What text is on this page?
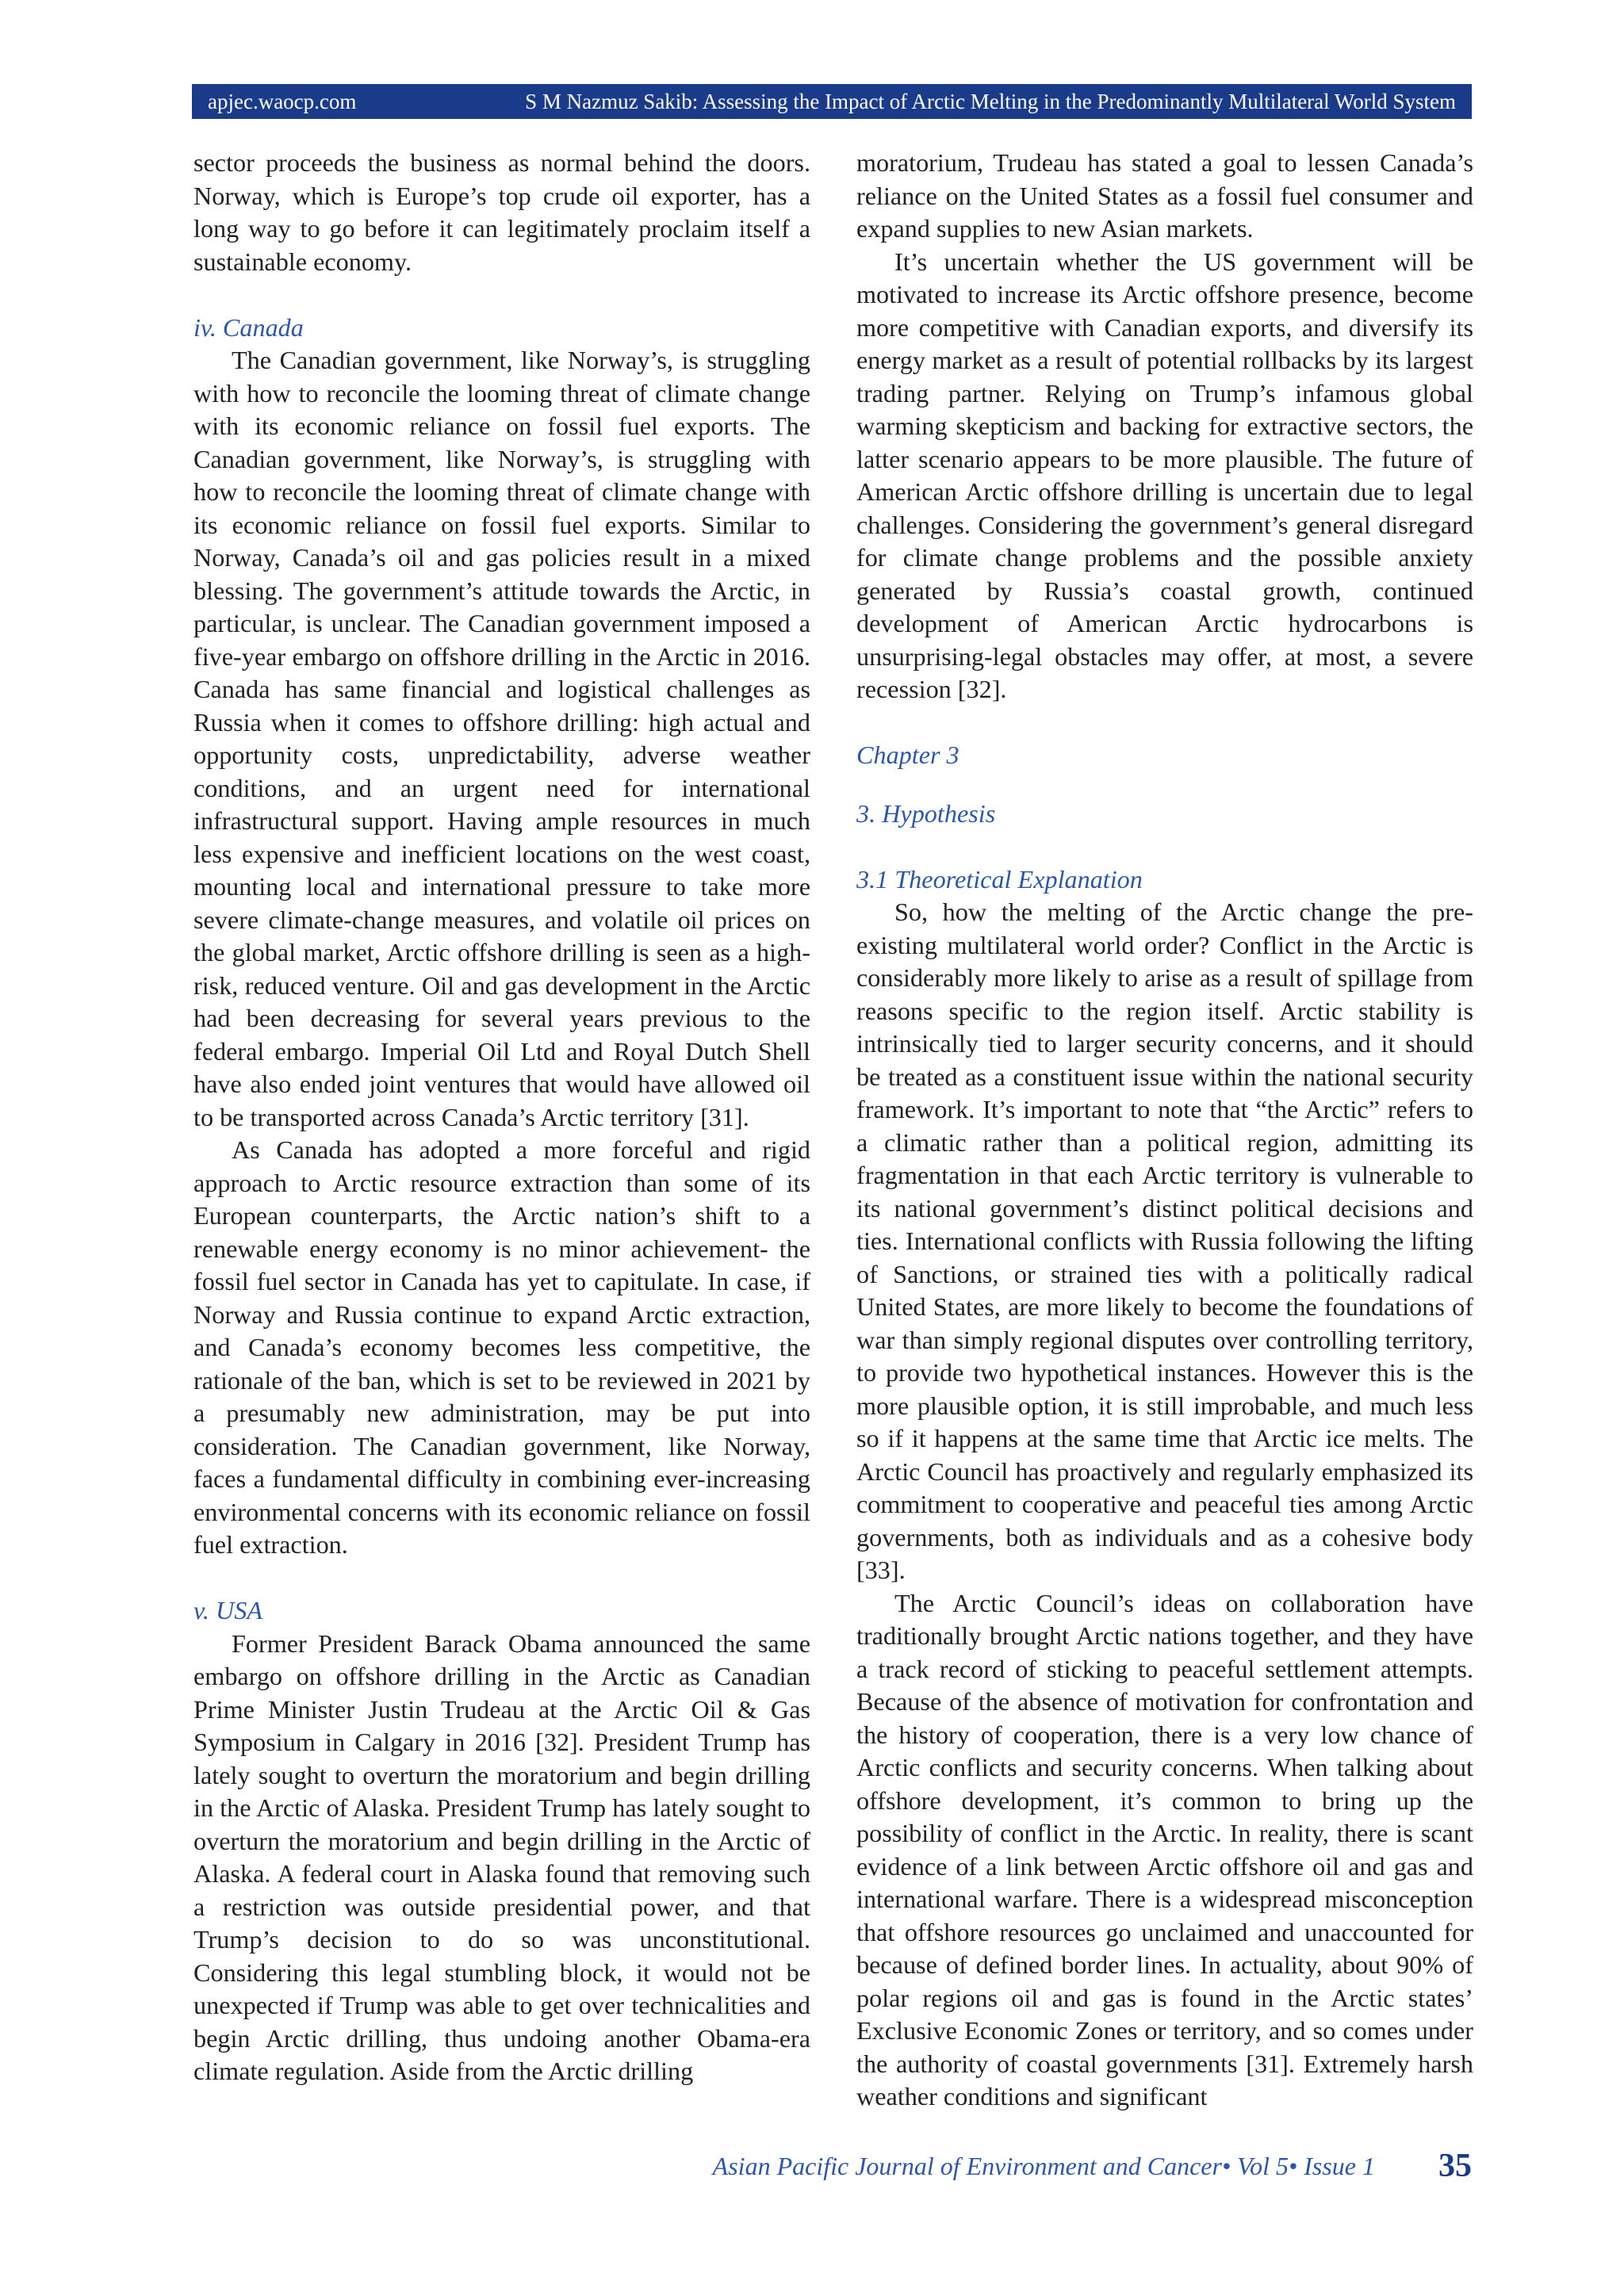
apjec.waocp.com	S M Nazmuz Sakib: Assessing the Impact of Arctic Melting in the Predominantly Multilateral World System

sector proceeds the business as normal behind the doors. Norway, which is Europe’s top crude oil exporter, has a long way to go before it can legitimately proclaim itself a sustainable economy.

iv. Canada

The Canadian government, like Norway’s, is struggling with how to reconcile the looming threat of climate change with its economic reliance on fossil fuel exports. The Canadian government, like Norway’s, is struggling with how to reconcile the looming threat of climate change with its economic reliance on fossil fuel exports. Similar to Norway, Canada’s oil and gas policies result in a mixed blessing. The government’s attitude towards the Arctic, in particular, is unclear. The Canadian government imposed a five-year embargo on offshore drilling in the Arctic in 2016. Canada has same financial and logistical challenges as Russia when it comes to offshore drilling: high actual and opportunity costs, unpredictability, adverse weather conditions, and an urgent need for international infrastructural support. Having ample resources in much less expensive and inefficient locations on the west coast, mounting local and international pressure to take more severe climate-change measures, and volatile oil prices on the global market, Arctic offshore drilling is seen as a high-risk, reduced venture. Oil and gas development in the Arctic had been decreasing for several years previous to the federal embargo. Imperial Oil Ltd and Royal Dutch Shell have also ended joint ventures that would have allowed oil to be transported across Canada’s Arctic territory [31].

As Canada has adopted a more forceful and rigid approach to Arctic resource extraction than some of its European counterparts, the Arctic nation’s shift to a renewable energy economy is no minor achievement- the fossil fuel sector in Canada has yet to capitulate. In case, if Norway and Russia continue to expand Arctic extraction, and Canada’s economy becomes less competitive, the rationale of the ban, which is set to be reviewed in 2021 by a presumably new administration, may be put into consideration. The Canadian government, like Norway, faces a fundamental difficulty in combining ever-increasing environmental concerns with its economic reliance on fossil fuel extraction.

v. USA

Former President Barack Obama announced the same embargo on offshore drilling in the Arctic as Canadian Prime Minister Justin Trudeau at the Arctic Oil & Gas Symposium in Calgary in 2016 [32]. President Trump has lately sought to overturn the moratorium and begin drilling in the Arctic of Alaska. President Trump has lately sought to overturn the moratorium and begin drilling in the Arctic of Alaska. A federal court in Alaska found that removing such a restriction was outside presidential power, and that Trump’s decision to do so was unconstitutional. Considering this legal stumbling block, it would not be unexpected if Trump was able to get over technicalities and begin Arctic drilling, thus undoing another Obama-era climate regulation. Aside from the Arctic drilling

moratorium, Trudeau has stated a goal to lessen Canada’s reliance on the United States as a fossil fuel consumer and expand supplies to new Asian markets.

It’s uncertain whether the US government will be motivated to increase its Arctic offshore presence, become more competitive with Canadian exports, and diversify its energy market as a result of potential rollbacks by its largest trading partner. Relying on Trump’s infamous global warming skepticism and backing for extractive sectors, the latter scenario appears to be more plausible. The future of American Arctic offshore drilling is uncertain due to legal challenges. Considering the government’s general disregard for climate change problems and the possible anxiety generated by Russia’s coastal growth, continued development of American Arctic hydrocarbons is unsurprising-legal obstacles may offer, at most, a severe recession [32].

Chapter 3
3. Hypothesis
3.1 Theoretical Explanation

So, how the melting of the Arctic change the pre-existing multilateral world order? Conflict in the Arctic is considerably more likely to arise as a result of spillage from reasons specific to the region itself. Arctic stability is intrinsically tied to larger security concerns, and it should be treated as a constituent issue within the national security framework. It’s important to note that “the Arctic” refers to a climatic rather than a political region, admitting its fragmentation in that each Arctic territory is vulnerable to its national government’s distinct political decisions and ties. International conflicts with Russia following the lifting of Sanctions, or strained ties with a politically radical United States, are more likely to become the foundations of war than simply regional disputes over controlling territory, to provide two hypothetical instances. However this is the more plausible option, it is still improbable, and much less so if it happens at the same time that Arctic ice melts. The Arctic Council has proactively and regularly emphasized its commitment to cooperative and peaceful ties among Arctic governments, both as individuals and as a cohesive body [33].

The Arctic Council’s ideas on collaboration have traditionally brought Arctic nations together, and they have a track record of sticking to peaceful settlement attempts. Because of the absence of motivation for confrontation and the history of cooperation, there is a very low chance of Arctic conflicts and security concerns. When talking about offshore development, it’s common to bring up the possibility of conflict in the Arctic. In reality, there is scant evidence of a link between Arctic offshore oil and gas and international warfare. There is a widespread misconception that offshore resources go unclaimed and unaccounted for because of defined border lines. In actuality, about 90% of polar regions oil and gas is found in the Arctic states’ Exclusive Economic Zones or territory, and so comes under the authority of coastal governments [31]. Extremely harsh weather conditions and significant

Asian Pacific Journal of Environment and Cancer• Vol 5• Issue 1 35
